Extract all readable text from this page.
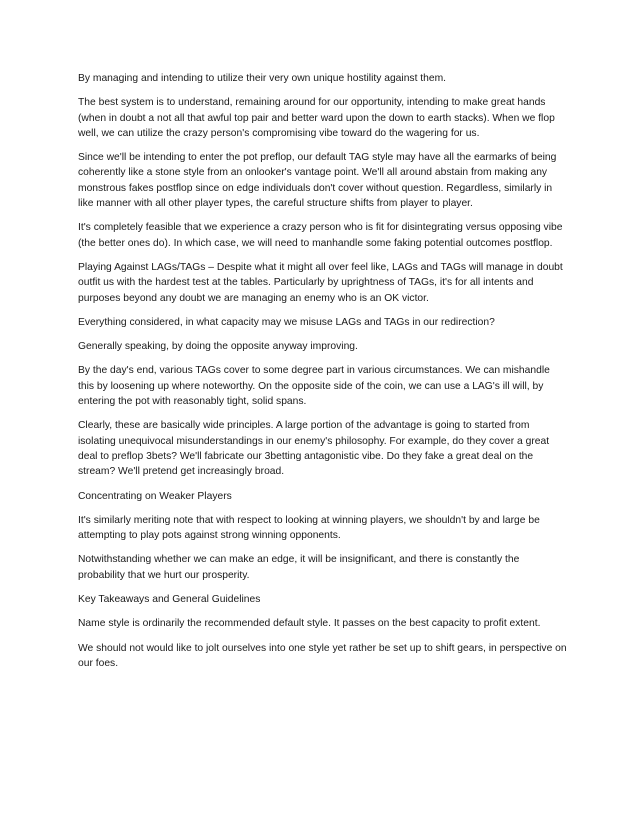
By managing and intending to utilize their very own unique hostility against them.

The best system is to understand, remaining around for our opportunity, intending to make great hands (when in doubt a not all that awful top pair and better ward upon the down to earth stacks). When we flop well, we can utilize the crazy person's compromising vibe toward do the wagering for us.

Since we'll be intending to enter the pot preflop, our default TAG style may have all the earmarks of being coherently like a stone style from an onlooker's vantage point. We'll all around abstain from making any monstrous fakes postflop since on edge individuals don't cover without question. Regardless, similarly in like manner with all other player types, the careful structure shifts from player to player.

It's completely feasible that we experience a crazy person who is fit for disintegrating versus opposing vibe (the better ones do). In which case, we will need to manhandle some faking potential outcomes postflop.

Playing Against LAGs/TAGs – Despite what it might all over feel like, LAGs and TAGs will manage in doubt outfit us with the hardest test at the tables. Particularly by uprightness of TAGs, it's for all intents and purposes beyond any doubt we are managing an enemy who is an OK victor.

Everything considered, in what capacity may we misuse LAGs and TAGs in our redirection?

Generally speaking, by doing the opposite anyway improving.

By the day's end, various TAGs cover to some degree part in various circumstances. We can mishandle this by loosening up where noteworthy. On the opposite side of the coin, we can use a LAG's ill will, by entering the pot with reasonably tight, solid spans.

Clearly, these are basically wide principles. A large portion of the advantage is going to started from isolating unequivocal misunderstandings in our enemy's philosophy. For example, do they cover a great deal to preflop 3bets? We'll fabricate our 3betting antagonistic vibe. Do they fake a great deal on the stream? We'll pretend get increasingly broad.

Concentrating on Weaker Players

It's similarly meriting note that with respect to looking at winning players, we shouldn't by and large be attempting to play pots against strong winning opponents.

Notwithstanding whether we can make an edge, it will be insignificant, and there is constantly the probability that we hurt our prosperity.

Key Takeaways and General Guidelines

Name style is ordinarily the recommended default style. It passes on the best capacity to profit extent.

We should not would like to jolt ourselves into one style yet rather be set up to shift gears, in perspective on our foes.
